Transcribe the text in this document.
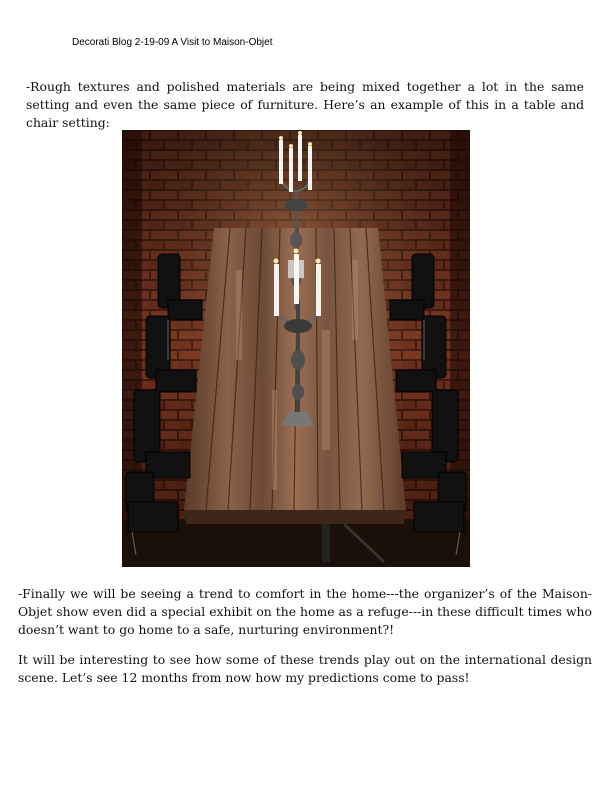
Decorati Blog 2-19-09 A Visit to Maison-Objet

-Rough textures and polished materials are being mixed together a lot in the same setting and even the same piece of furniture. Here’s an example of this in a table and chair setting:

-Finally we will be seeing a trend to comfort in the home---the organizer’s of the Maison-Objet show even did a special exhibit on the home as a refuge---in these difficult times who doesn’t want to go home to a safe, nurturing environment?!

It will be interesting to see how some of these trends play out on the international design scene. Let’s see 12 months from now how my predictions come to pass!
